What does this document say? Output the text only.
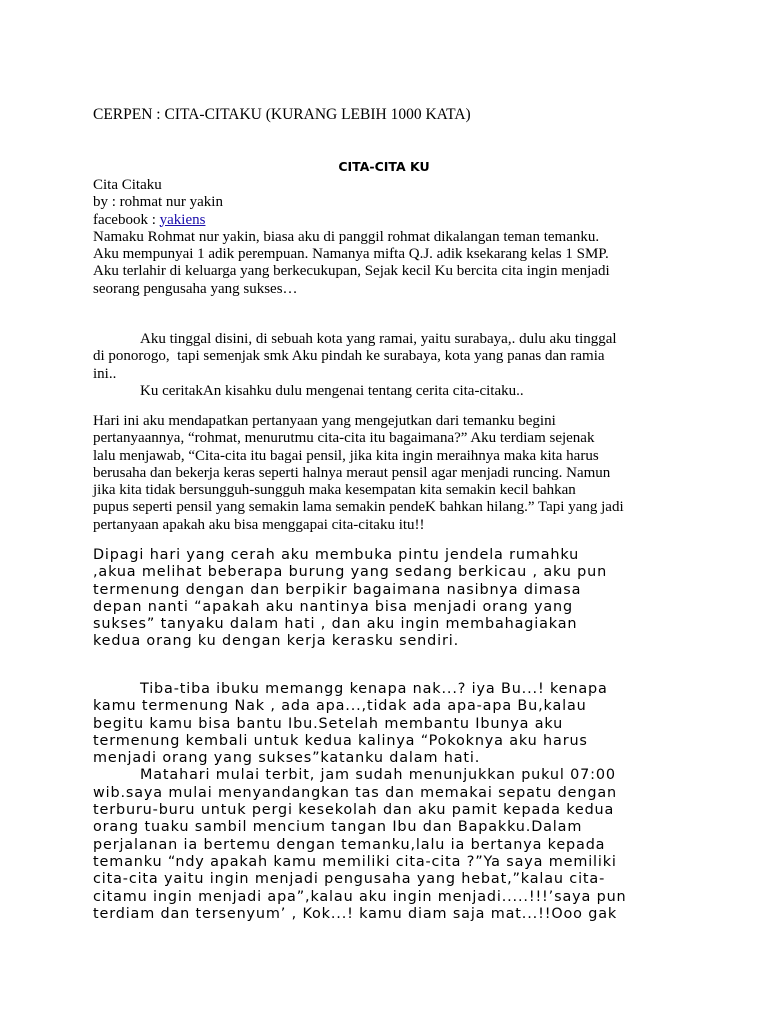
CERPEN : CITA-CITAKU (KURANG LEBIH 1000 KATA)
CITA-CITA KU
Cita Citaku
by : rohmat nur yakin
facebook : yakiens
Namaku Rohmat nur yakin, biasa aku di panggil rohmat dikalangan teman temanku.
Aku mempunyai 1 adik perempuan. Namanya mifta Q.J. adik ksekarang kelas 1 SMP.
Aku terlahir di keluarga yang berkecukupan, Sejak kecil Ku bercita cita ingin menjadi
seorang pengusaha yang sukses…
Aku tinggal disini, di sebuah kota yang ramai, yaitu surabaya,. dulu aku tinggal
di ponorogo,  tapi semenjak smk Aku pindah ke surabaya, kota yang panas dan ramia
ini..
Ku ceritakAn kisahku dulu mengenai tentang cerita cita-citaku..
Hari ini aku mendapatkan pertanyaan yang mengejutkan dari temanku begini
pertanyaannya, “rohmat, menurutmu cita-cita itu bagaimana?” Aku terdiam sejenak
lalu menjawab, “Cita-cita itu bagai pensil, jika kita ingin meraihnya maka kita harus
berusaha dan bekerja keras seperti halnya meraut pensil agar menjadi runcing. Namun
jika kita tidak bersungguh-sungguh maka kesempatan kita semakin kecil bahkan
pupus seperti pensil yang semakin lama semakin pendeK bahkan hilang.” Tapi yang jadi
pertanyaan apakah aku bisa menggapai cita-citaku itu!!
Dipagi hari yang cerah aku membuka pintu jendela rumahku
,akua melihat beberapa burung yang sedang berkicau , aku pun
termenung dengan dan berpikir bagaimana nasibnya dimasa
depan nanti “apakah aku nantinya bisa menjadi orang yang
sukses” tanyaku dalam hati , dan aku ingin membahagiakan
kedua orang ku dengan kerja kerasku sendiri.
Tiba-tiba ibuku memangg kenapa nak...? iya Bu...! kenapa
kamu termenung Nak , ada apa...,tidak ada apa-apa Bu,kalau
begitu kamu bisa bantu Ibu.Setelah membantu Ibunya aku
termenung kembali untuk kedua kalinya “Pokoknya aku harus
menjadi orang yang sukses”katanku dalam hati.
Matahari mulai terbit, jam sudah menunjukkan pukul 07:00
wib.saya mulai menyandangkan tas dan memakai sepatu dengan
terburu-buru untuk pergi kesekolah dan aku pamit kepada kedua
orang tuaku sambil mencium tangan Ibu dan Bapakku.Dalam
perjalanan ia bertemu dengan temanku,lalu ia bertanya kepada
temanku “ndy apakah kamu memiliki cita-cita ?”Ya saya memiliki
cita-cita yaitu ingin menjadi pengusaha yang hebat,”kalau cita-
citamu ingin menjadi apa”,kalau aku ingin menjadi.....!!!’saya pun
terdiam dan tersenyum’ , Kok...! kamu diam saja mat...!!Ooo gak
